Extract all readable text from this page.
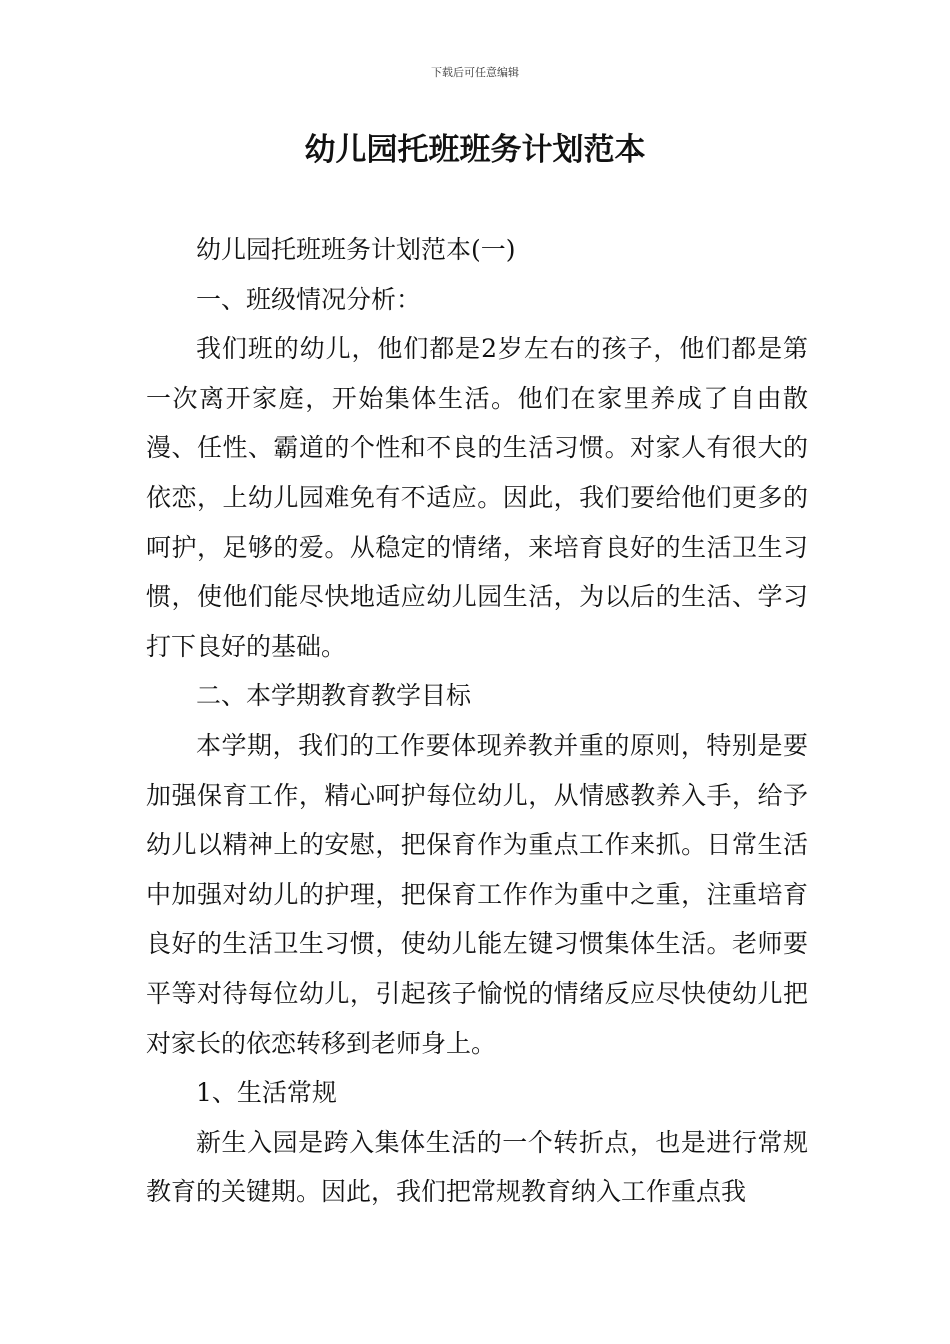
下载后可任意编辑
幼儿园托班班务计划范本

幼儿园托班班务计划范本(一)

一、班级情况分析：

我们班的幼儿，他们都是2岁左右的孩子，他们都是第一次离开家庭，开始集体生活。他们在家里养成了自由散漫、任性、霸道的个性和不良的生活习惯。对家人有很大的依恋，上幼儿园难免有不适应。因此，我们要给他们更多的呵护，足够的爱。从稳定的情绪，来培育良好的生活卫生习惯，使他们能尽快地适应幼儿园生活，为以后的生活、学习打下良好的基础。

二、本学期教育教学目标

本学期，我们的工作要体现养教并重的原则，特别是要加强保育工作，精心呵护每位幼儿，从情感教养入手，给予幼儿以精神上的安慰，把保育作为重点工作来抓。日常生活中加强对幼儿的护理，把保育工作作为重中之重，注重培育良好的生活卫生习惯，使幼儿能左键习惯集体生活。老师要平等对待每位幼儿，引起孩子愉悦的情绪反应尽快使幼儿把对家长的依恋转移到老师身上。

1、生活常规

新生入园是跨入集体生活的一个转折点，也是进行常规教育的关键期。因此，我们把常规教育纳入工作重点我
